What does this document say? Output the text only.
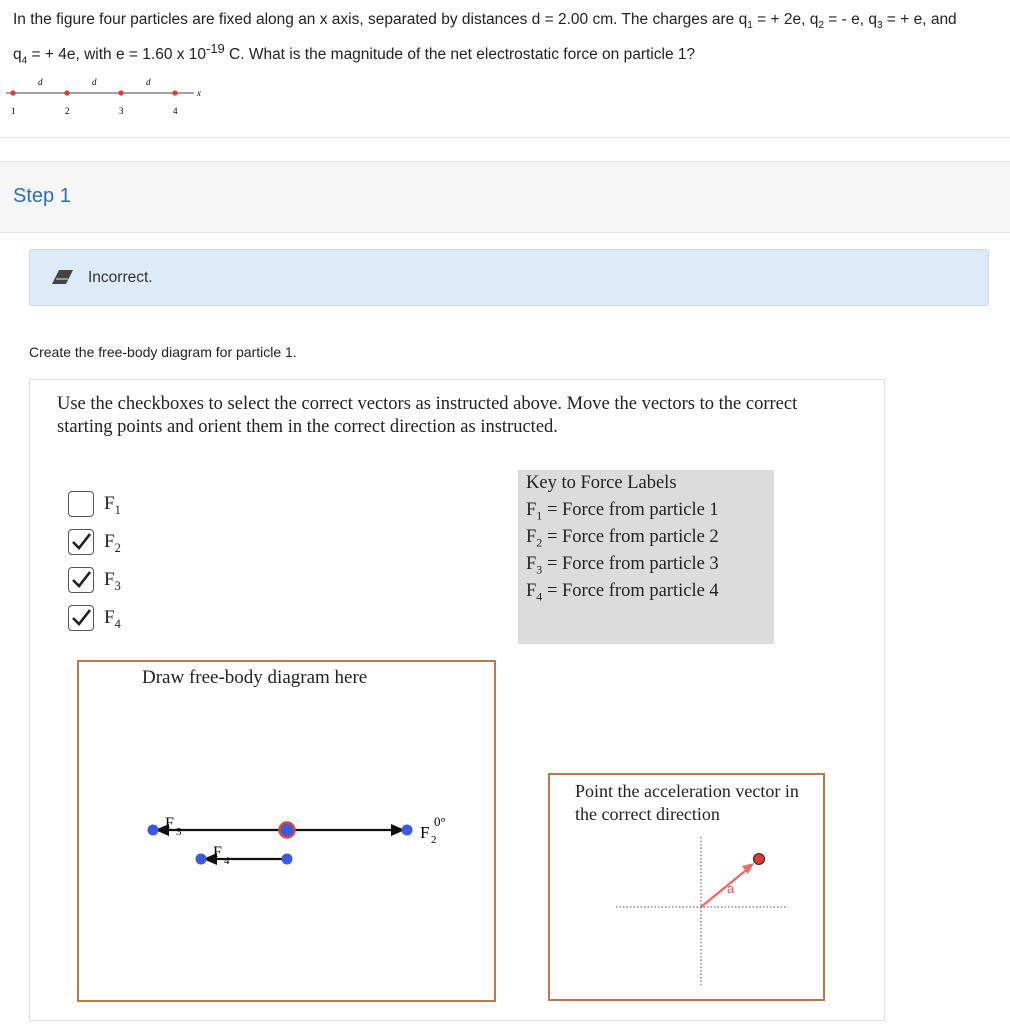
In the figure four particles are fixed along an x axis, separated by distances d = 2.00 cm. The charges are $q_1$ = + 2e, $q_2$ = - e, $q_3$ = + e, and
$q_4$ = + 4e, with e = 1.60 x $10^{-19}$ C. What is the magnitude of the net electrostatic force on particle 1?
1	2	3	4
d	d	d
x
Step 1
Incorrect.
Create the free-body diagram for particle 1.
Use the checkboxes to select the correct vectors as instructed above. Move the vectors to the correct starting points and orient them in the correct direction as instructed.
$F_1$
$F_2$
$F_3$
$F_4$
Key to Force Labels
$F_1$ = Force from particle 1
$F_2$ = Force from particle 2
$F_3$ = Force from particle 3
$F_4$ = Force from particle 4
Draw free-body diagram here
F 3
F 4
F 2
0°
Point the acceleration vector in the correct direction
a
